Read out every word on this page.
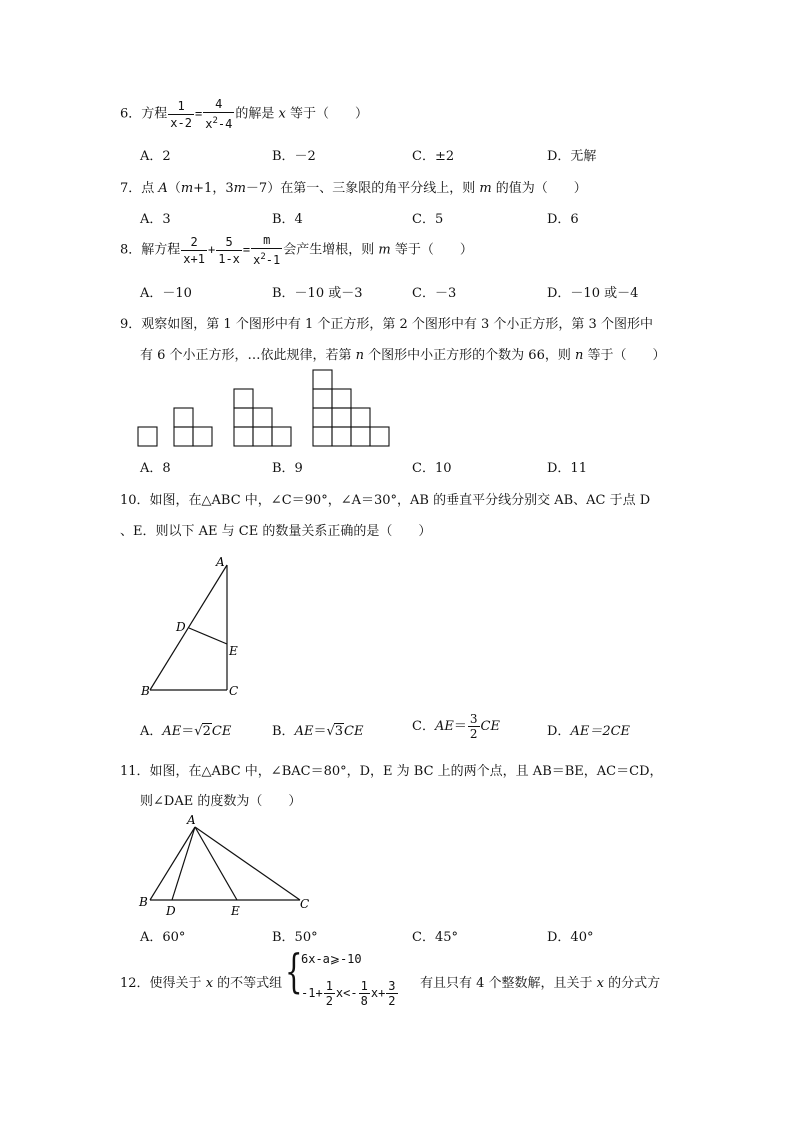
6．方程 $\frac{1}{x-2} = \frac{4}{x^2-4}$ 的解是 x 等于（　　）
A．2	B．－2	C．±2	D．无解
7．点 A（m+1，3m－7）在第一、三象限的角平分线上，则 m 的值为（　　）
A．3	B．4	C．5	D．6
8．解方程 $\frac{2}{x+1} + \frac{5}{1-x} = \frac{m}{x^2-1}$ 会产生增根，则 m 等于（　　）
A．－10	B．－10 或－3	C．－3	D．－10 或－4
9．观察如图，第 1 个图形中有 1 个正方形，第 2 个图形中有 3 个小正方形，第 3 个图形中
有 6 个小正方形，…依此规律，若第 n 个图形中小正方形的个数为 66，则 n 等于（　　）
A．8	B．9	C．10	D．11
10．如图，在△ABC 中，∠C＝90°，∠A＝30°，AB 的垂直平分线分别交 AB、AC 于点 D
、E．则以下 AE 与 CE 的数量关系正确的是（　　）
A
B	C
D
E
A．AE＝√2CE	B．AE＝√3CE	C．$AE= \frac{3}{2}$ CE	D．AE＝2CE
11．如图，在△ABC 中，∠BAC＝80°，D，E 为 BC 上的两个点，且 AB＝BE，AC＝CD，
则∠DAE 的度数为（　　）
A
B	C
D	E
A．60°	B．50°	C．45°	D．40°
12．使得关于 x 的不等式组 {
6x-a⩾-10
$-1+ \frac{1}{2} x<- \frac{1}{8} x+ \frac{3}{2}$ 有且只有 4 个整数解，且关于 x 的分式方
